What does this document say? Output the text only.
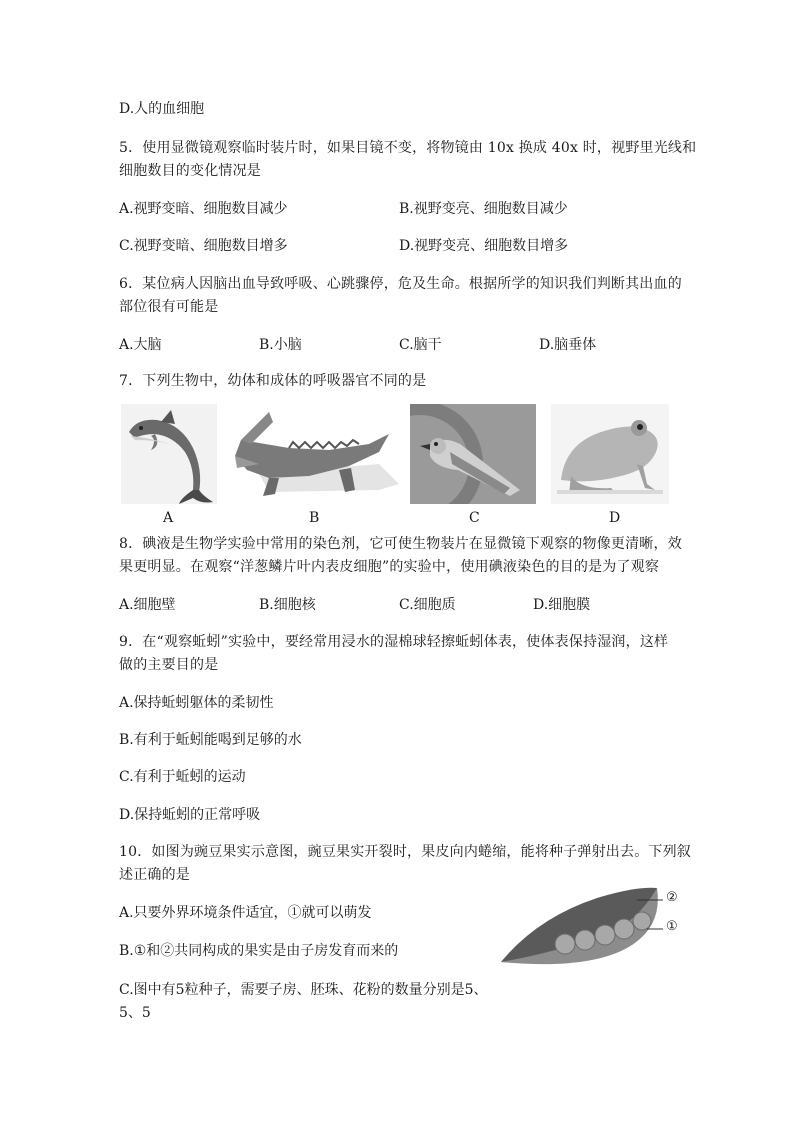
D.人的血细胞
5．使用显微镜观察临时装片时，如果目镜不变，将物镜由 10x 换成 40x 时，视野里光线和
细胞数目的变化情况是
A.视野变暗、细胞数目减少	B.视野变亮、细胞数目减少
C.视野变暗、细胞数目增多	D.视野变亮、细胞数目增多
6．某位病人因脑出血导致呼吸、心跳骤停，危及生命。根据所学的知识我们判断其出血的
部位很有可能是
A.大脑	B.小脑	C.脑干	D.脑垂体
7．下列生物中，幼体和成体的呼吸器官不同的是
A	B	C	D
8．碘液是生物学实验中常用的染色剂，它可使生物装片在显微镜下观察的物像更清晰，效
果更明显。在观察“洋葱鳞片叶内表皮细胞”的实验中，使用碘液染色的目的是为了观察
A.细胞壁	B.细胞核	C.细胞质	D.细胞膜
9．在“观察蚯蚓”实验中，要经常用浸水的湿棉球轻擦蚯蚓体表，使体表保持湿润，这样
做的主要目的是
A.保持蚯蚓躯体的柔韧性
B.有利于蚯蚓能喝到足够的水
C.有利于蚯蚓的运动
D.保持蚯蚓的正常呼吸
10．如图为豌豆果实示意图，豌豆果实开裂时，果皮向内蜷缩，能将种子弹射出去。下列叙
述正确的是
A.只要外界环境条件适宜，①就可以萌发
B.①和②共同构成的果实是由子房发育而来的
C.图中有5粒种子，需要子房、胚珠、花粉的数量分别是5、
5、5
②
①
